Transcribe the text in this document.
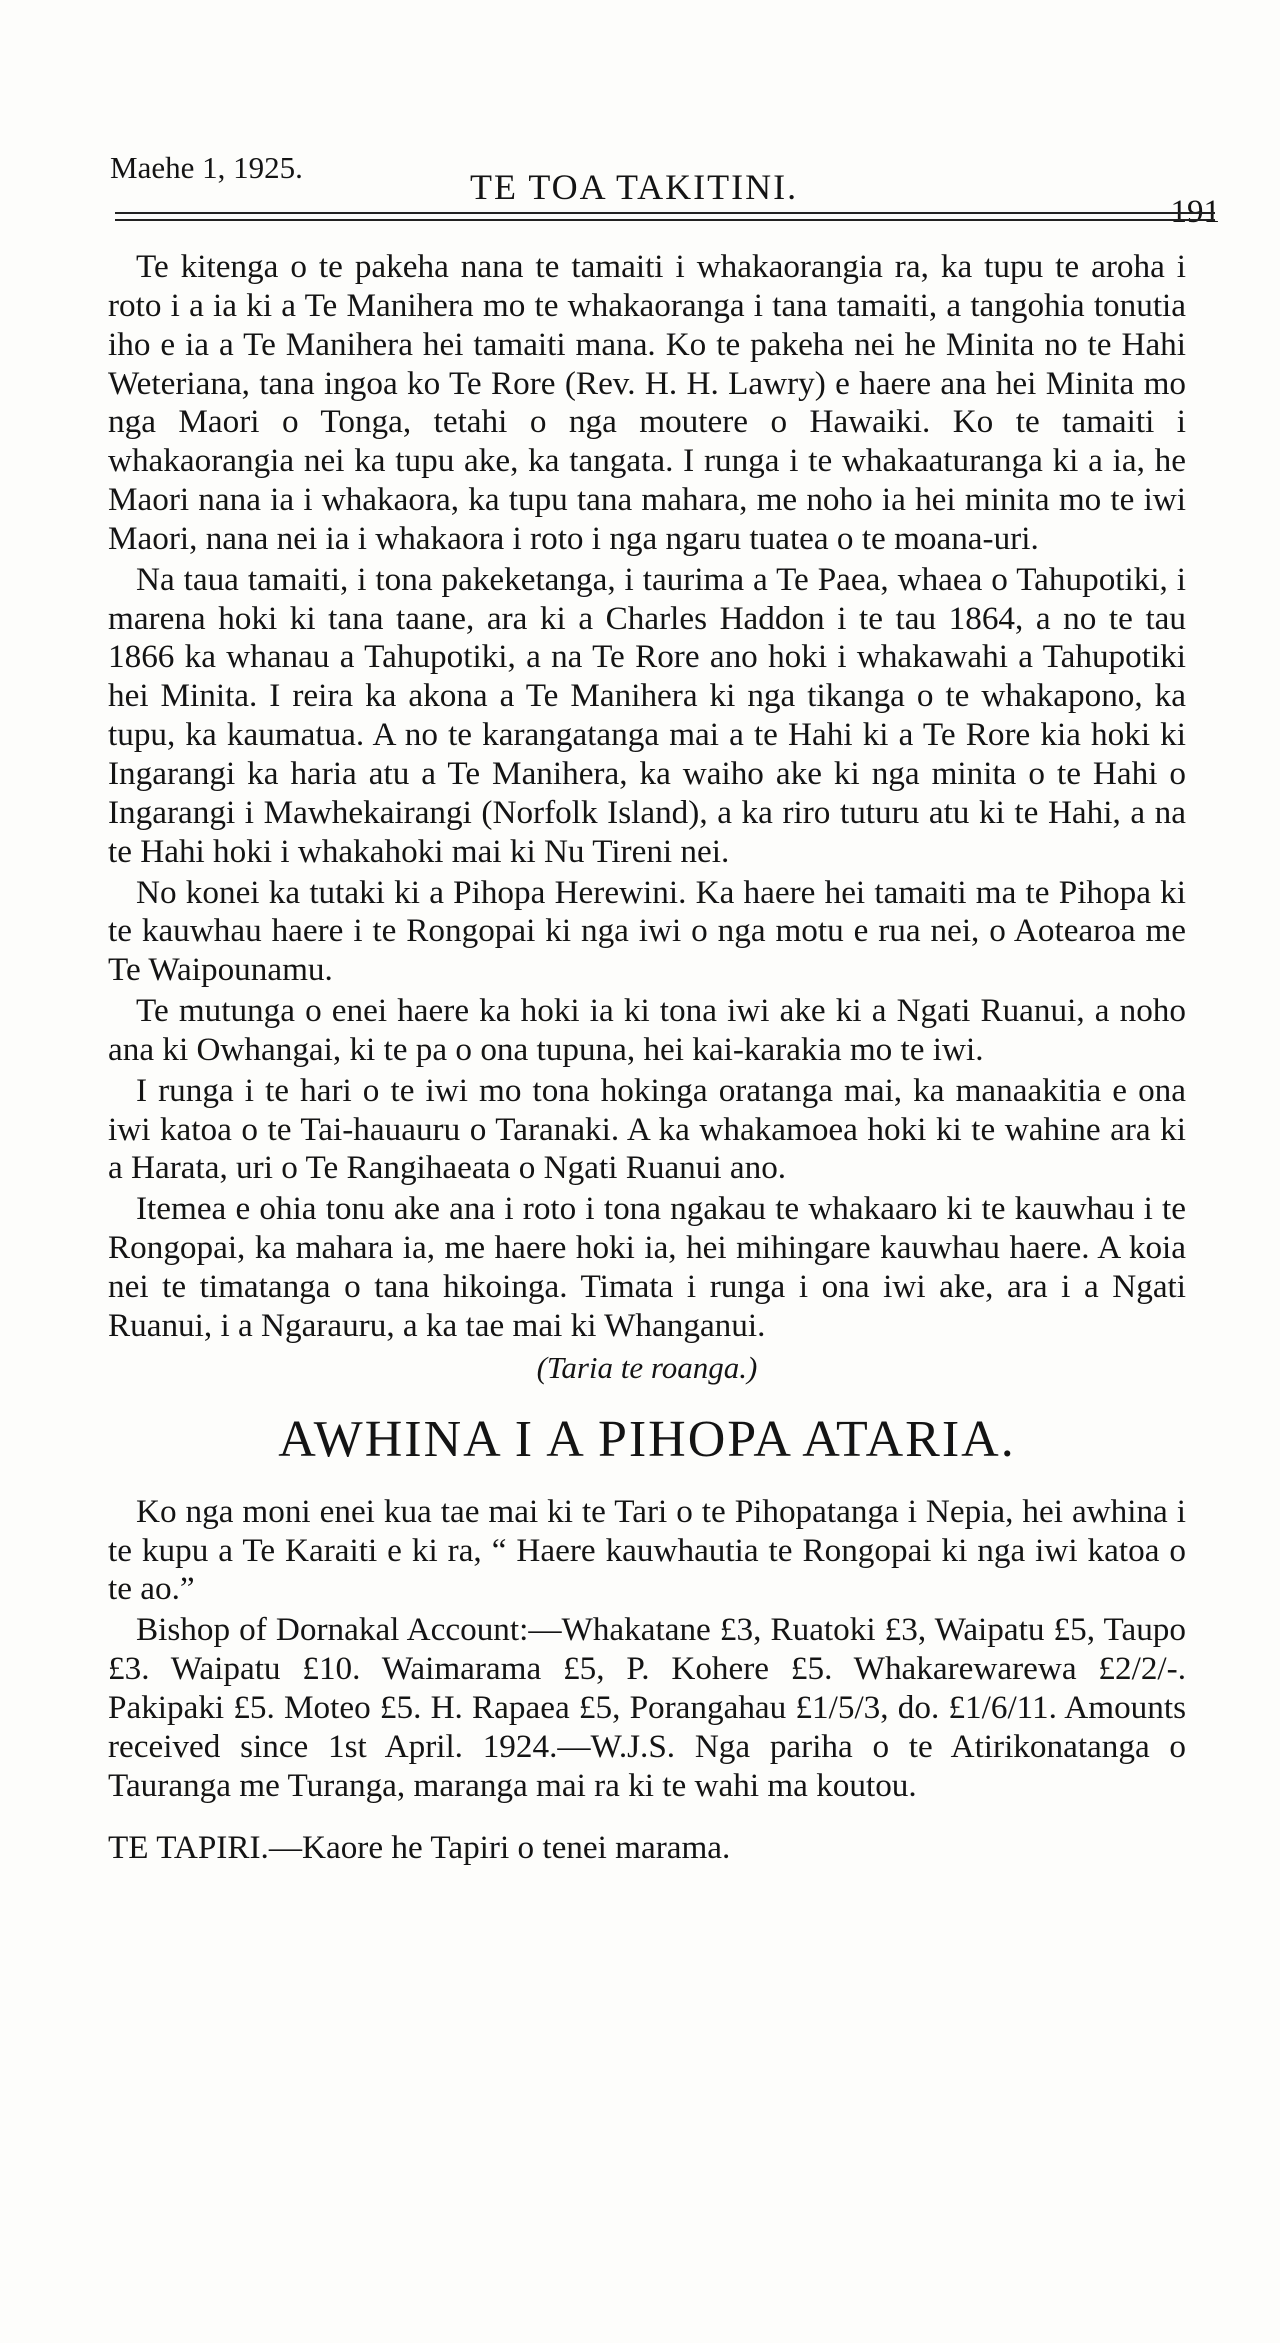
Maehe 1, 1925.	TE TOA TAKITINI.
191

Te kitenga o te pakeha nana te tamaiti i whakaorangia ra, ka tupu te aroha i roto i a ia ki a Te Manihera mo te whakaoranga i tana tamaiti, a tangohia tonutia iho e ia a Te Manihera hei tamaiti mana. Ko te pakeha nei he Minita no te Hahi Weteriana, tana ingoa ko Te Rore (Rev. H. H. Lawry) e haere ana hei Minita mo nga Maori o Tonga, tetahi o nga moutere o Hawaiki. Ko te tamaiti i whakaorangia nei ka tupu ake, ka tangata. I runga i te whakaaturanga ki a ia, he Maori nana ia i whakaora, ka tupu tana mahara, me noho ia hei minita mo te iwi Maori, nana nei ia i whakaora i roto i nga ngaru tuatea o te moana-uri.

Na taua tamaiti, i tona pakeketanga, i taurima a Te Paea, whaea o Tahupotiki, i marena hoki ki tana taane, ara ki a Charles Haddon i te tau 1864, a no te tau 1866 ka whanau a Tahupotiki, a na Te Rore ano hoki i whakawahi a Tahupotiki hei Minita. I reira ka akona a Te Manihera ki nga tikanga o te whakapono, ka tupu, ka kaumatua. A no te karangatanga mai a te Hahi ki a Te Rore kia hoki ki Ingarangi ka haria atu a Te Manihera, ka waiho ake ki nga minita o te Hahi o Ingarangi i Mawhekairangi (Norfolk Island), a ka riro tuturu atu ki te Hahi, a na te Hahi hoki i whakahoki mai ki Nu Tireni nei.

No konei ka tutaki ki a Pihopa Herewini. Ka haere hei tamaiti ma te Pihopa ki te kauwhau haere i te Rongopai ki nga iwi o nga motu e rua nei, o Aotearoa me Te Waipounamu.

Te mutunga o enei haere ka hoki ia ki tona iwi ake ki a Ngati Ruanui, a noho ana ki Owhangai, ki te pa o ona tupuna, hei kai-karakia mo te iwi.

I runga i te hari o te iwi mo tona hokinga oratanga mai, ka manaakitia e ona iwi katoa o te Tai-hauauru o Taranaki. A ka whakamoea hoki ki te wahine ara ki a Harata, uri o Te Rangihaeata o Ngati Ruanui ano.

Itemea e ohia tonu ake ana i roto i tona ngakau te whakaaro ki te kauwhau i te Rongopai, ka mahara ia, me haere hoki ia, hei mihingare kauwhau haere. A koia nei te timatanga o tana hikoinga. Timata i runga i ona iwi ake, ara i a Ngati Ruanui, i a Ngarauru, a ka tae mai ki Whanganui.

(Taria te roanga.)
AWHINA I A PIHOPA ATARIA.

Ko nga moni enei kua tae mai ki te Tari o te Pihopatanga i Nepia, hei awhina i te kupu a Te Karaiti e ki ra, “ Haere kauwhautia te Rongopai ki nga iwi katoa o te ao.”

Bishop of Dornakal Account:—Whakatane £3, Ruatoki £3, Waipatu £5, Taupo £3. Waipatu £10. Waimarama £5, P. Kohere £5. Whakarewarewa £2/2/-. Pakipaki £5. Moteo £5. H. Rapaea £5, Porangahau £1/5/3, do. £1/6/11. Amounts received since 1st April. 1924.—W.J.S. Nga pariha o te Atirikonatanga o Tauranga me Turanga, maranga mai ra ki te wahi ma koutou.

TE TAPIRI.—Kaore he Tapiri o tenei marama.
